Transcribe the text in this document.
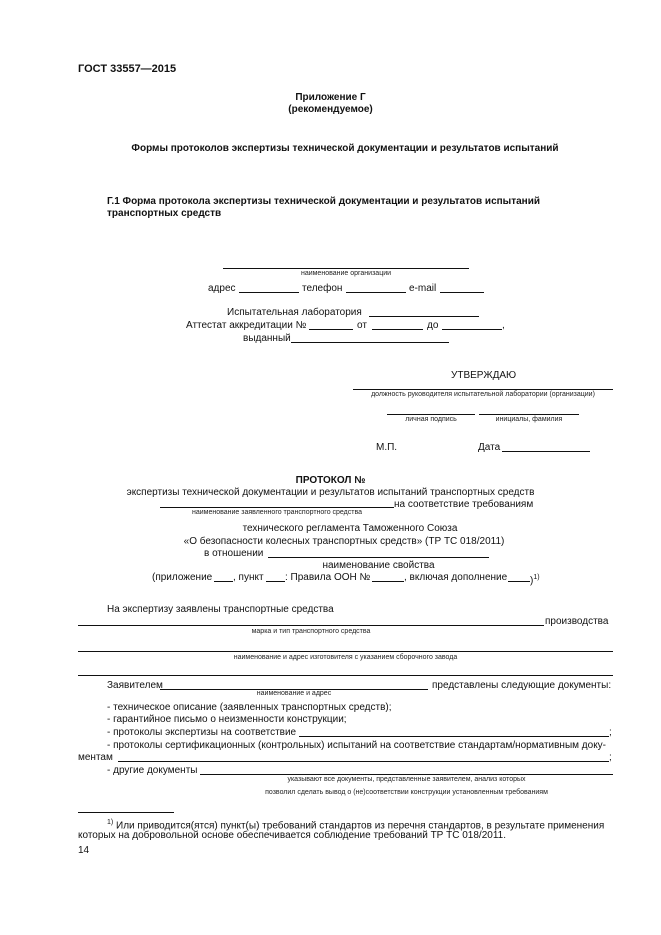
ГОСТ 33557—2015
Приложение Г
(рекомендуемое)
Формы протоколов экспертизы технической документации и результатов испытаний
Г.1 Форма протокола экспертизы технической документации и результатов испытаний
транспортных средств
наименование организации
адрес	телефон	e-mail
Испытательная лаборатория
Аттестат аккредитации №	от	до	,
выданный
УТВЕРЖДАЮ
должность руководителя испытательной лаборатории (организации)
личная подпись	инициалы, фамилия
М.П.	Дата
ПРОТОКОЛ №
экспертизы технической документации и результатов испытаний транспортных средств
на соответствие требованиям
наименование заявленного транспортного средства
технического регламента Таможенного Союза
«О безопасности колесных транспортных средств» (ТР ТС 018/2011)
в отношении
наименование свойства
(приложение , пункт : Правила ООН №	, включая дополнение )$^{1)}$
На экспертизу заявлены транспортные средства
производства
марка и тип транспортного средства
наименование и адрес изготовителя с указанием сборочного завода
Заявителем	представлены следующие документы:
наименование и адрес
- техническое описание (заявленных транспортных средств);
- гарантийное письмо о неизменности конструкции;
- протоколы экспертизы на соответствие	;
- протоколы сертификационных (контрольных) испытаний на соответствие стандартам/нормативным доку-
ментам	;
- другие документы
указывают все документы, представленные заявителем, анализ которых
позволил сделать вывод о (не)соответствии конструкции установленным требованиям
$^{1)}$ Или приводится(ятся) пункт(ы) требований стандартов из перечня стандартов, в результате применения
которых на добровольной основе обеспечивается соблюдение требований ТР ТС 018/2011.
14
